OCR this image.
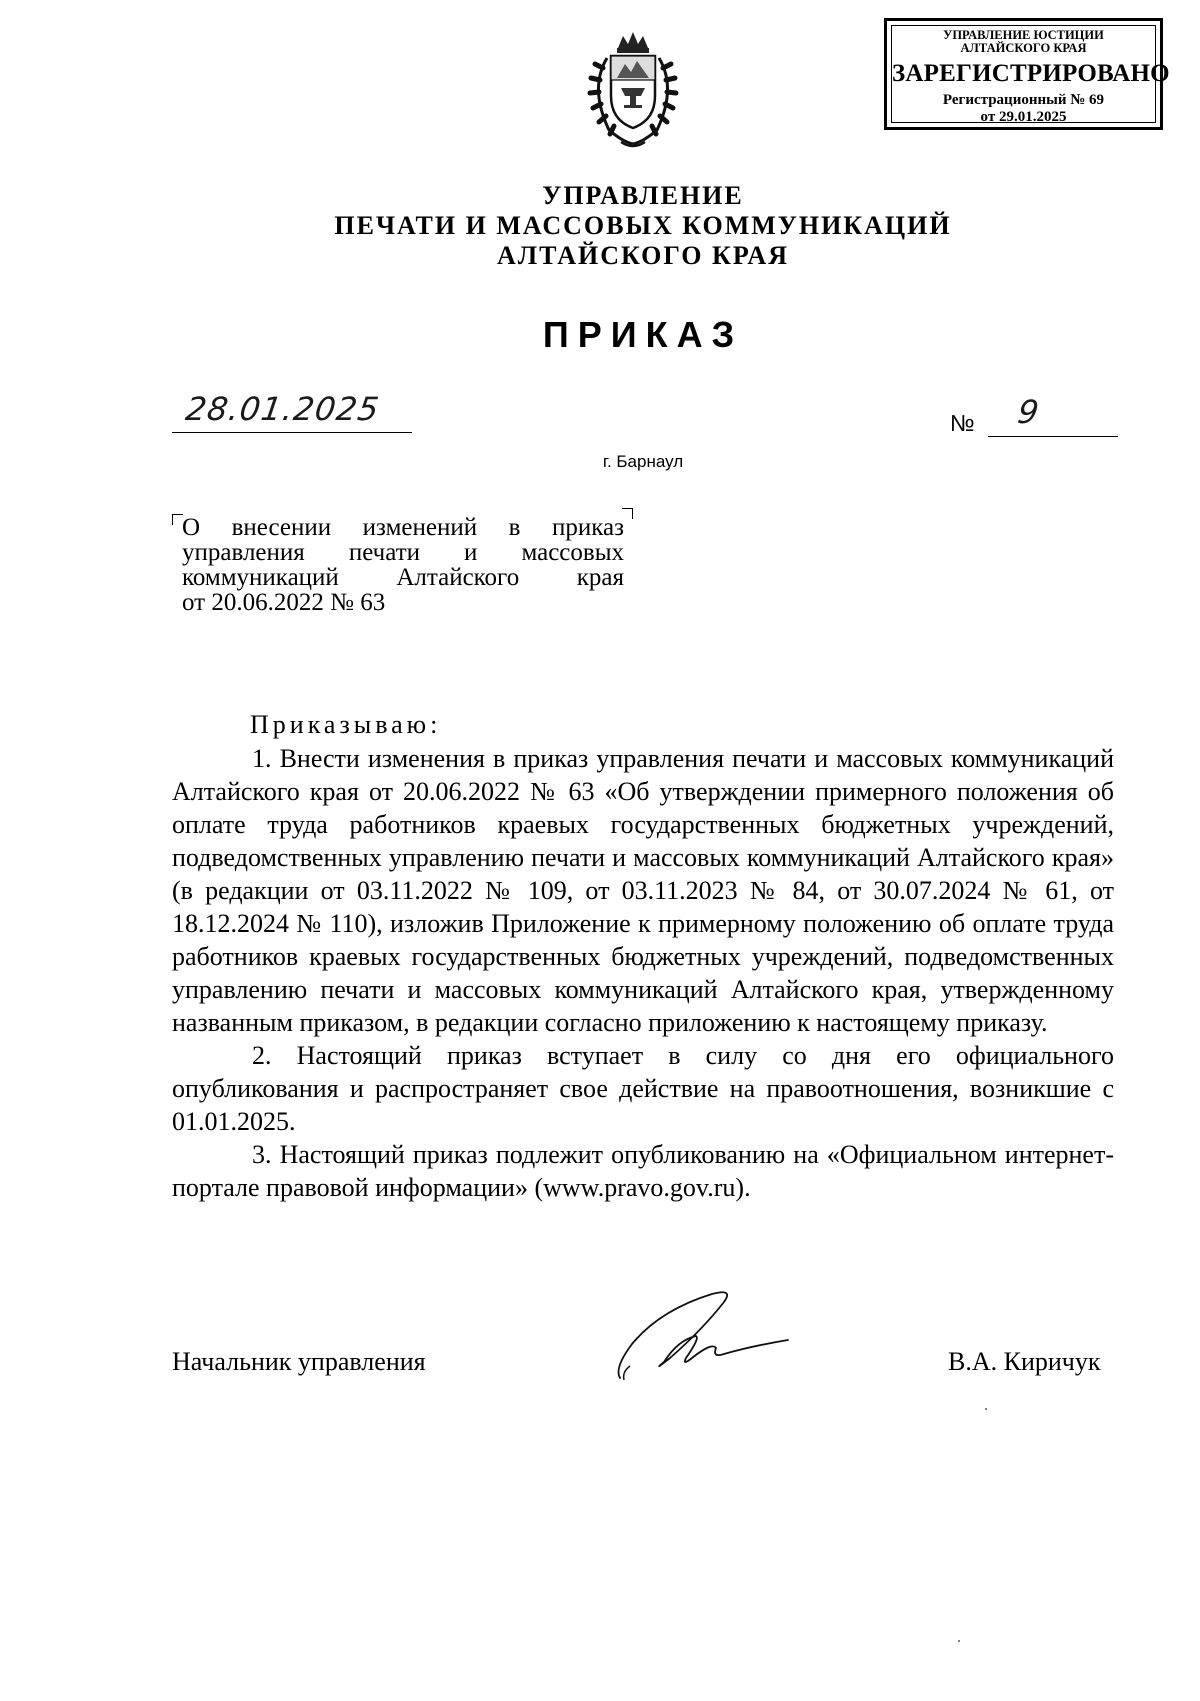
УПРАВЛЕНИЕ ЮСТИЦИИ
АЛТАЙСКОГО КРАЯ
ЗАРЕГИСТРИРОВАНО
Регистрационный № 69
от 29.01.2025
УПРАВЛЕНИЕ
ПЕЧАТИ И МАССОВЫХ КОММУНИКАЦИЙ
АЛТАЙСКОГО КРАЯ
ПРИКАЗ
28.01.2025	№ 9
г. Барнаул
О внесении изменений в приказ
управления печати и массовых
коммуникаций Алтайского края
от 20.06.2022 № 63
Приказываю:

1. Внести изменения в приказ управления печати и массовых коммуникаций Алтайского края от 20.06.2022 № 63 «Об утверждении примерного положения об оплате труда работников краевых государственных бюджетных учреждений, подведомственных управлению печати и массовых коммуникаций Алтайского края» (в редакции от 03.11.2022 № 109, от 03.11.2023 № 84, от 30.07.2024 № 61, от 18.12.2024 № 110), изложив Приложение к примерному положению об оплате труда работников краевых государственных бюджетных учреждений, подведомственных управлению печати и массовых коммуникаций Алтайского края, утвержденному названным приказом, в редакции согласно приложению к настоящему приказу.

2. Настоящий приказ вступает в силу со дня его официального опубликования и распространяет свое действие на правоотношения, возникшие с 01.01.2025.

3. Настоящий приказ подлежит опубликованию на «Официальном интернет-портале правовой информации» (www.pravo.gov.ru).

Начальник управления	В.А. Киричук
